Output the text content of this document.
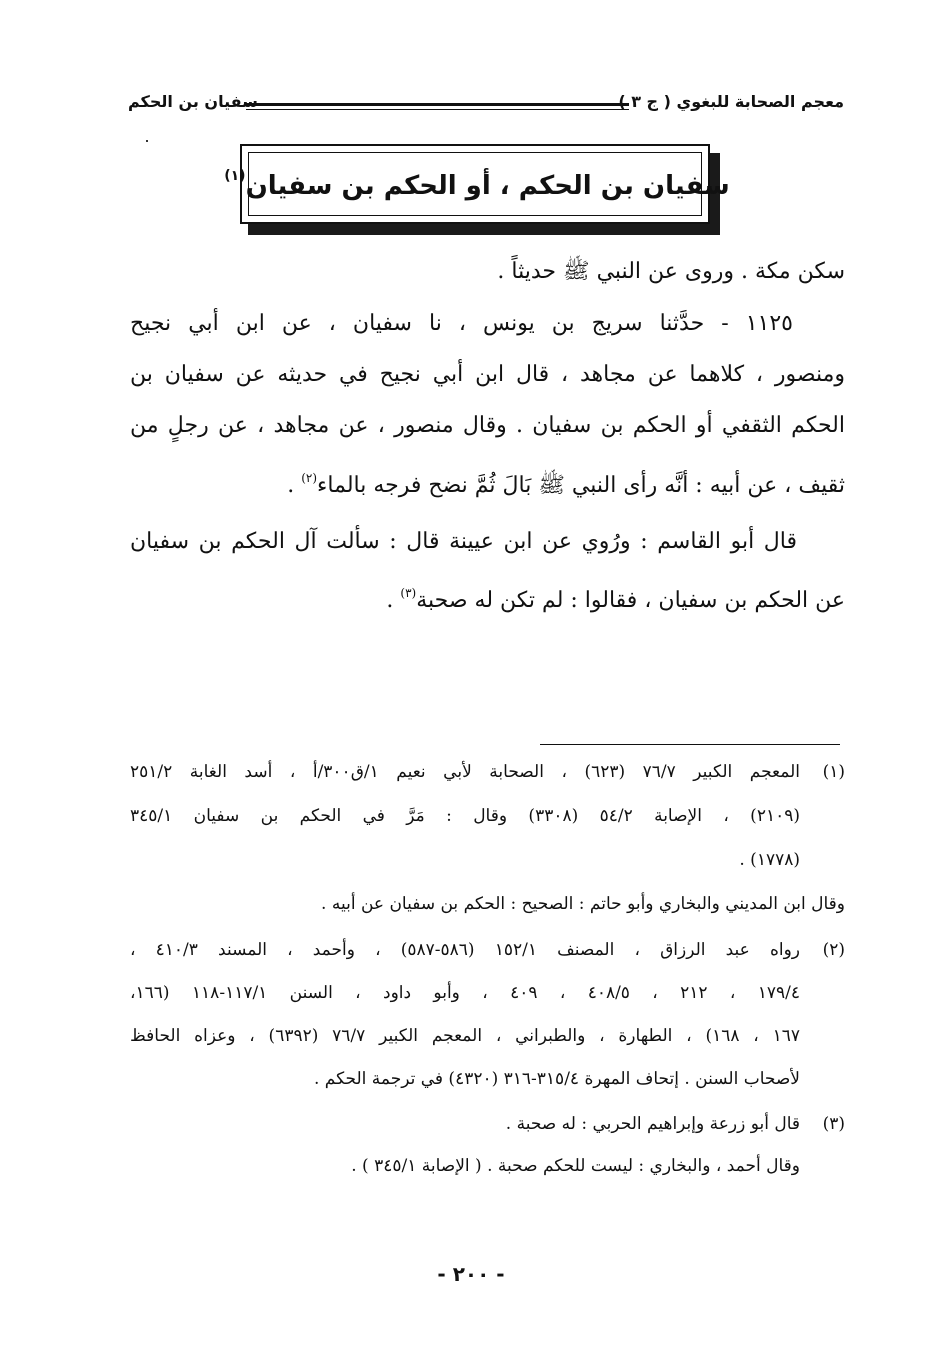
معجم الصحابة للبغوي ( ج ٣ )
سفيان بن الحكم
سفيان بن الحكم ، أو الحكم بن سفيان$^{(١)}$
سكن مكة . وروى عن النبي ﷺ حديثاً .
١١٢٥ - حدَّثنا سريج بن يونس ، نا سفيان ، عن ابن أبي نجيح
ومنصور ، كلاهما عن مجاهد ، قال ابن أبي نجيح في حديثه عن سفيان بن
الحكم الثقفي أو الحكم بن سفيان . وقال منصور ، عن مجاهد ، عن رجلٍ من
ثقيف ، عن أبيه : أنَّه رأى النبي ﷺ بَالَ ثُمَّ نضح فرجه بالماء$^{(٢)}$ .
قال أبو القاسم : ورُوي عن ابن عيينة قال : سألت آل الحكم بن سفيان
عن الحكم بن سفيان ، فقالوا : لم تكن له صحبة$^{(٣)}$ .
(١)
المعجم الكبير ٧٦/٧ (٦٢٣) ، الصحابة لأبي نعيم ١/ق٣٠٠/أ ، أسد الغابة ٢٥١/٢
(٢١٠٩) ، الإصابة ٥٤/٢ (٣٣٠٨) وقال : مَرَّ في الحكم بن سفيان ٣٤٥/١
(١٧٧٨) .
وقال ابن المديني والبخاري وأبو حاتم : الصحيح : الحكم بن سفيان عن أبيه .
(٢)
رواه عبد الرزاق ، المصنف ١٥٢/١ (٥٨٦-٥٨٧) ، وأحمد ، المسند ٤١٠/٣ ،
١٧٩/٤ ، ٢١٢ ، ٤٠٨/٥ ، ٤٠٩ ، وأبو داود ، السنن ١١٧/١-١١٨ (١٦٦،
١٦٧ ، ١٦٨) ، الطهارة ، والطبراني ، المعجم الكبير ٧٦/٧ (٦٣٩٢) ، وعزاه الحافظ
لأصحاب السنن . إتحاف المهرة ٣١٥/٤-٣١٦ (٤٣٢٠) في ترجمة الحكم .
(٣)
قال أبو زرعة وإبراهيم الحربي : له صحبة .
وقال أحمد ، والبخاري : ليست للحكم صحبة . ( الإصابة ٣٤٥/١ ) .
- ٢٠٠ -
